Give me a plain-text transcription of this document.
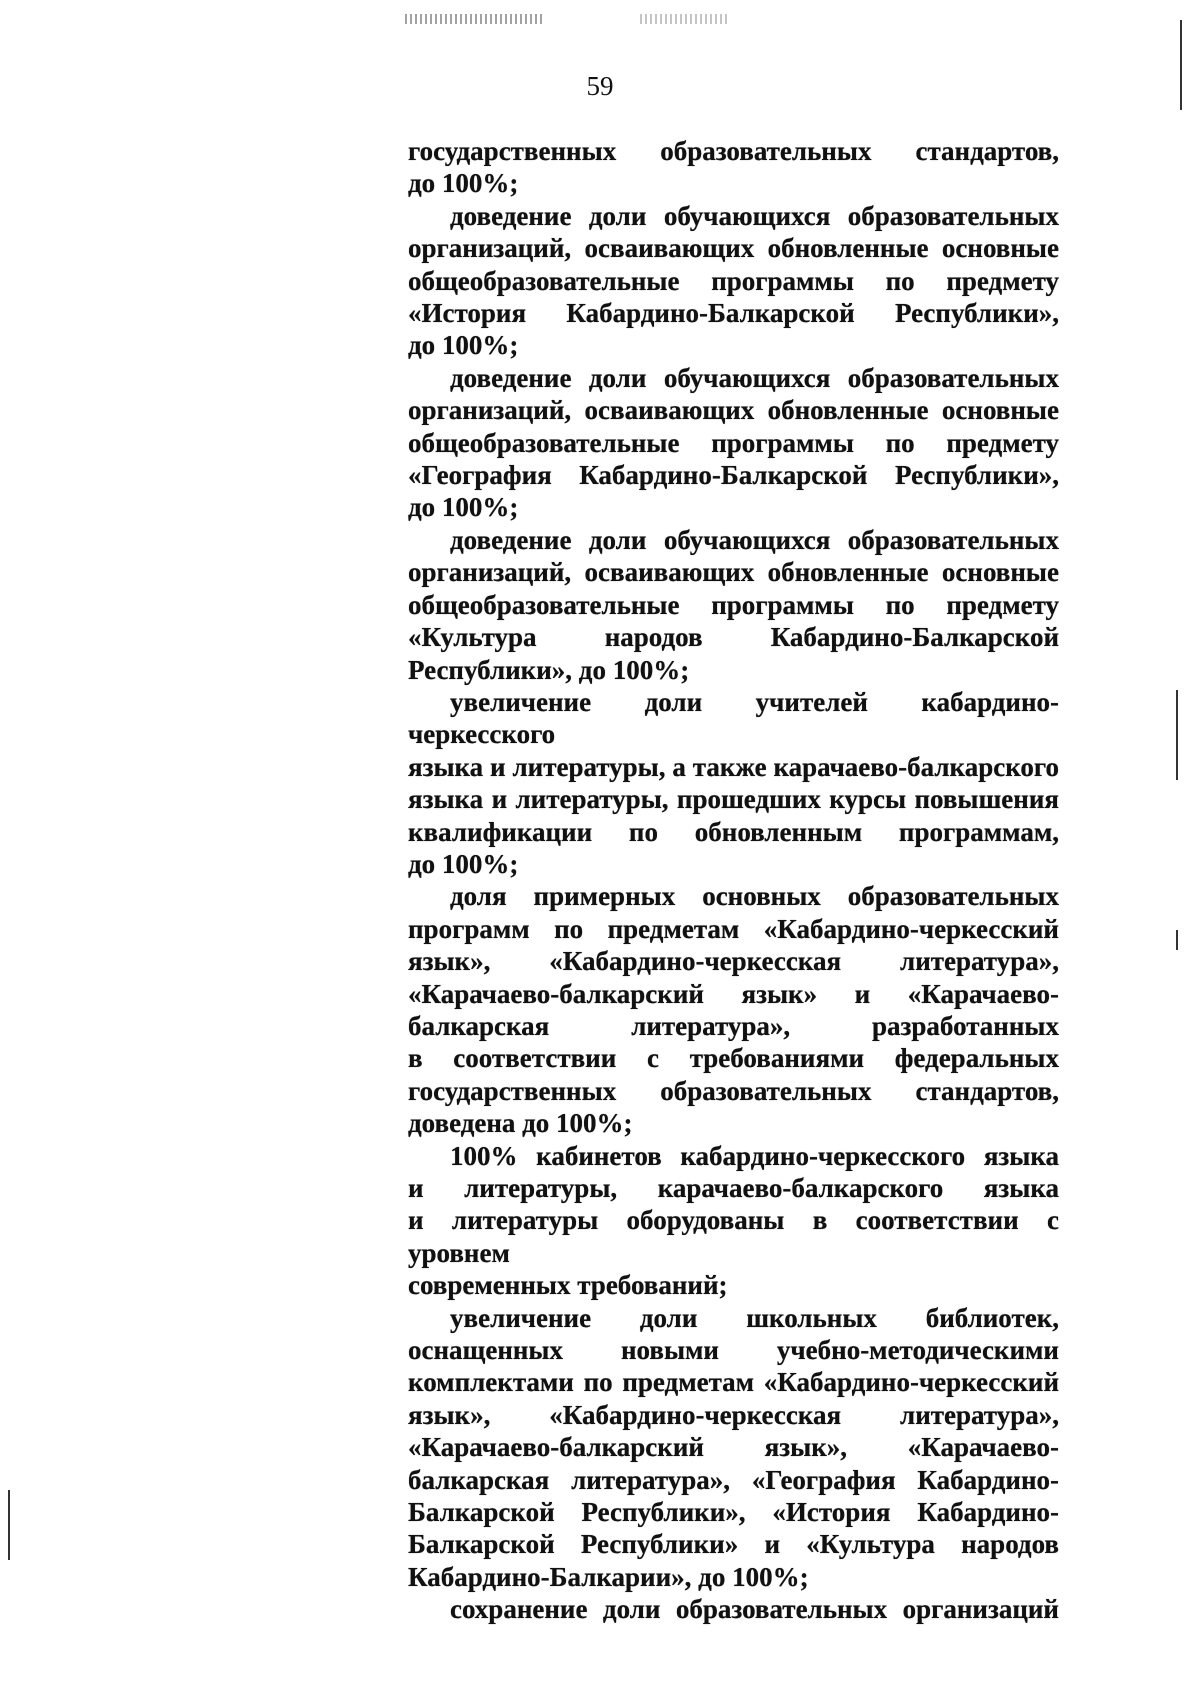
59
государственных образовательных стандартов,
до 100%;
доведение доли обучающихся образовательных
организаций, осваивающих обновленные основные
общеобразовательные программы по предмету
«История Кабардино-Балкарской Республики»,
до 100%;
доведение доли обучающихся образовательных
организаций, осваивающих обновленные основные
общеобразовательные программы по предмету
«География Кабардино-Балкарской Республики»,
до 100%;
доведение доли обучающихся образовательных
организаций, осваивающих обновленные основные
общеобразовательные программы по предмету
«Культура народов Кабардино-Балкарской
Республики», до 100%;
увеличение доли учителей кабардино-черкесского
языка и литературы, а также карачаево-балкарского
языка и литературы, прошедших курсы повышения
квалификации по обновленным программам,
до 100%;
доля примерных основных образовательных
программ по предметам «Кабардино-черкесский
язык», «Кабардино-черкесская литература»,
«Карачаево-балкарский язык» и «Карачаево-
балкарская литература», разработанных
в соответствии с требованиями федеральных
государственных образовательных стандартов,
доведена до 100%;
100% кабинетов кабардино-черкесского языка
и литературы, карачаево-балкарского языка
и литературы оборудованы в соответствии с уровнем
современных требований;
увеличение доли школьных библиотек,
оснащенных новыми учебно-методическими
комплектами по предметам «Кабардино-черкесский
язык», «Кабардино-черкесская литература»,
«Карачаево-балкарский язык», «Карачаево-
балкарская литература», «География Кабардино-
Балкарской Республики», «История Кабардино-
Балкарской Республики» и «Культура народов
Кабардино-Балкарии», до 100%;
сохранение доли образовательных организаций
